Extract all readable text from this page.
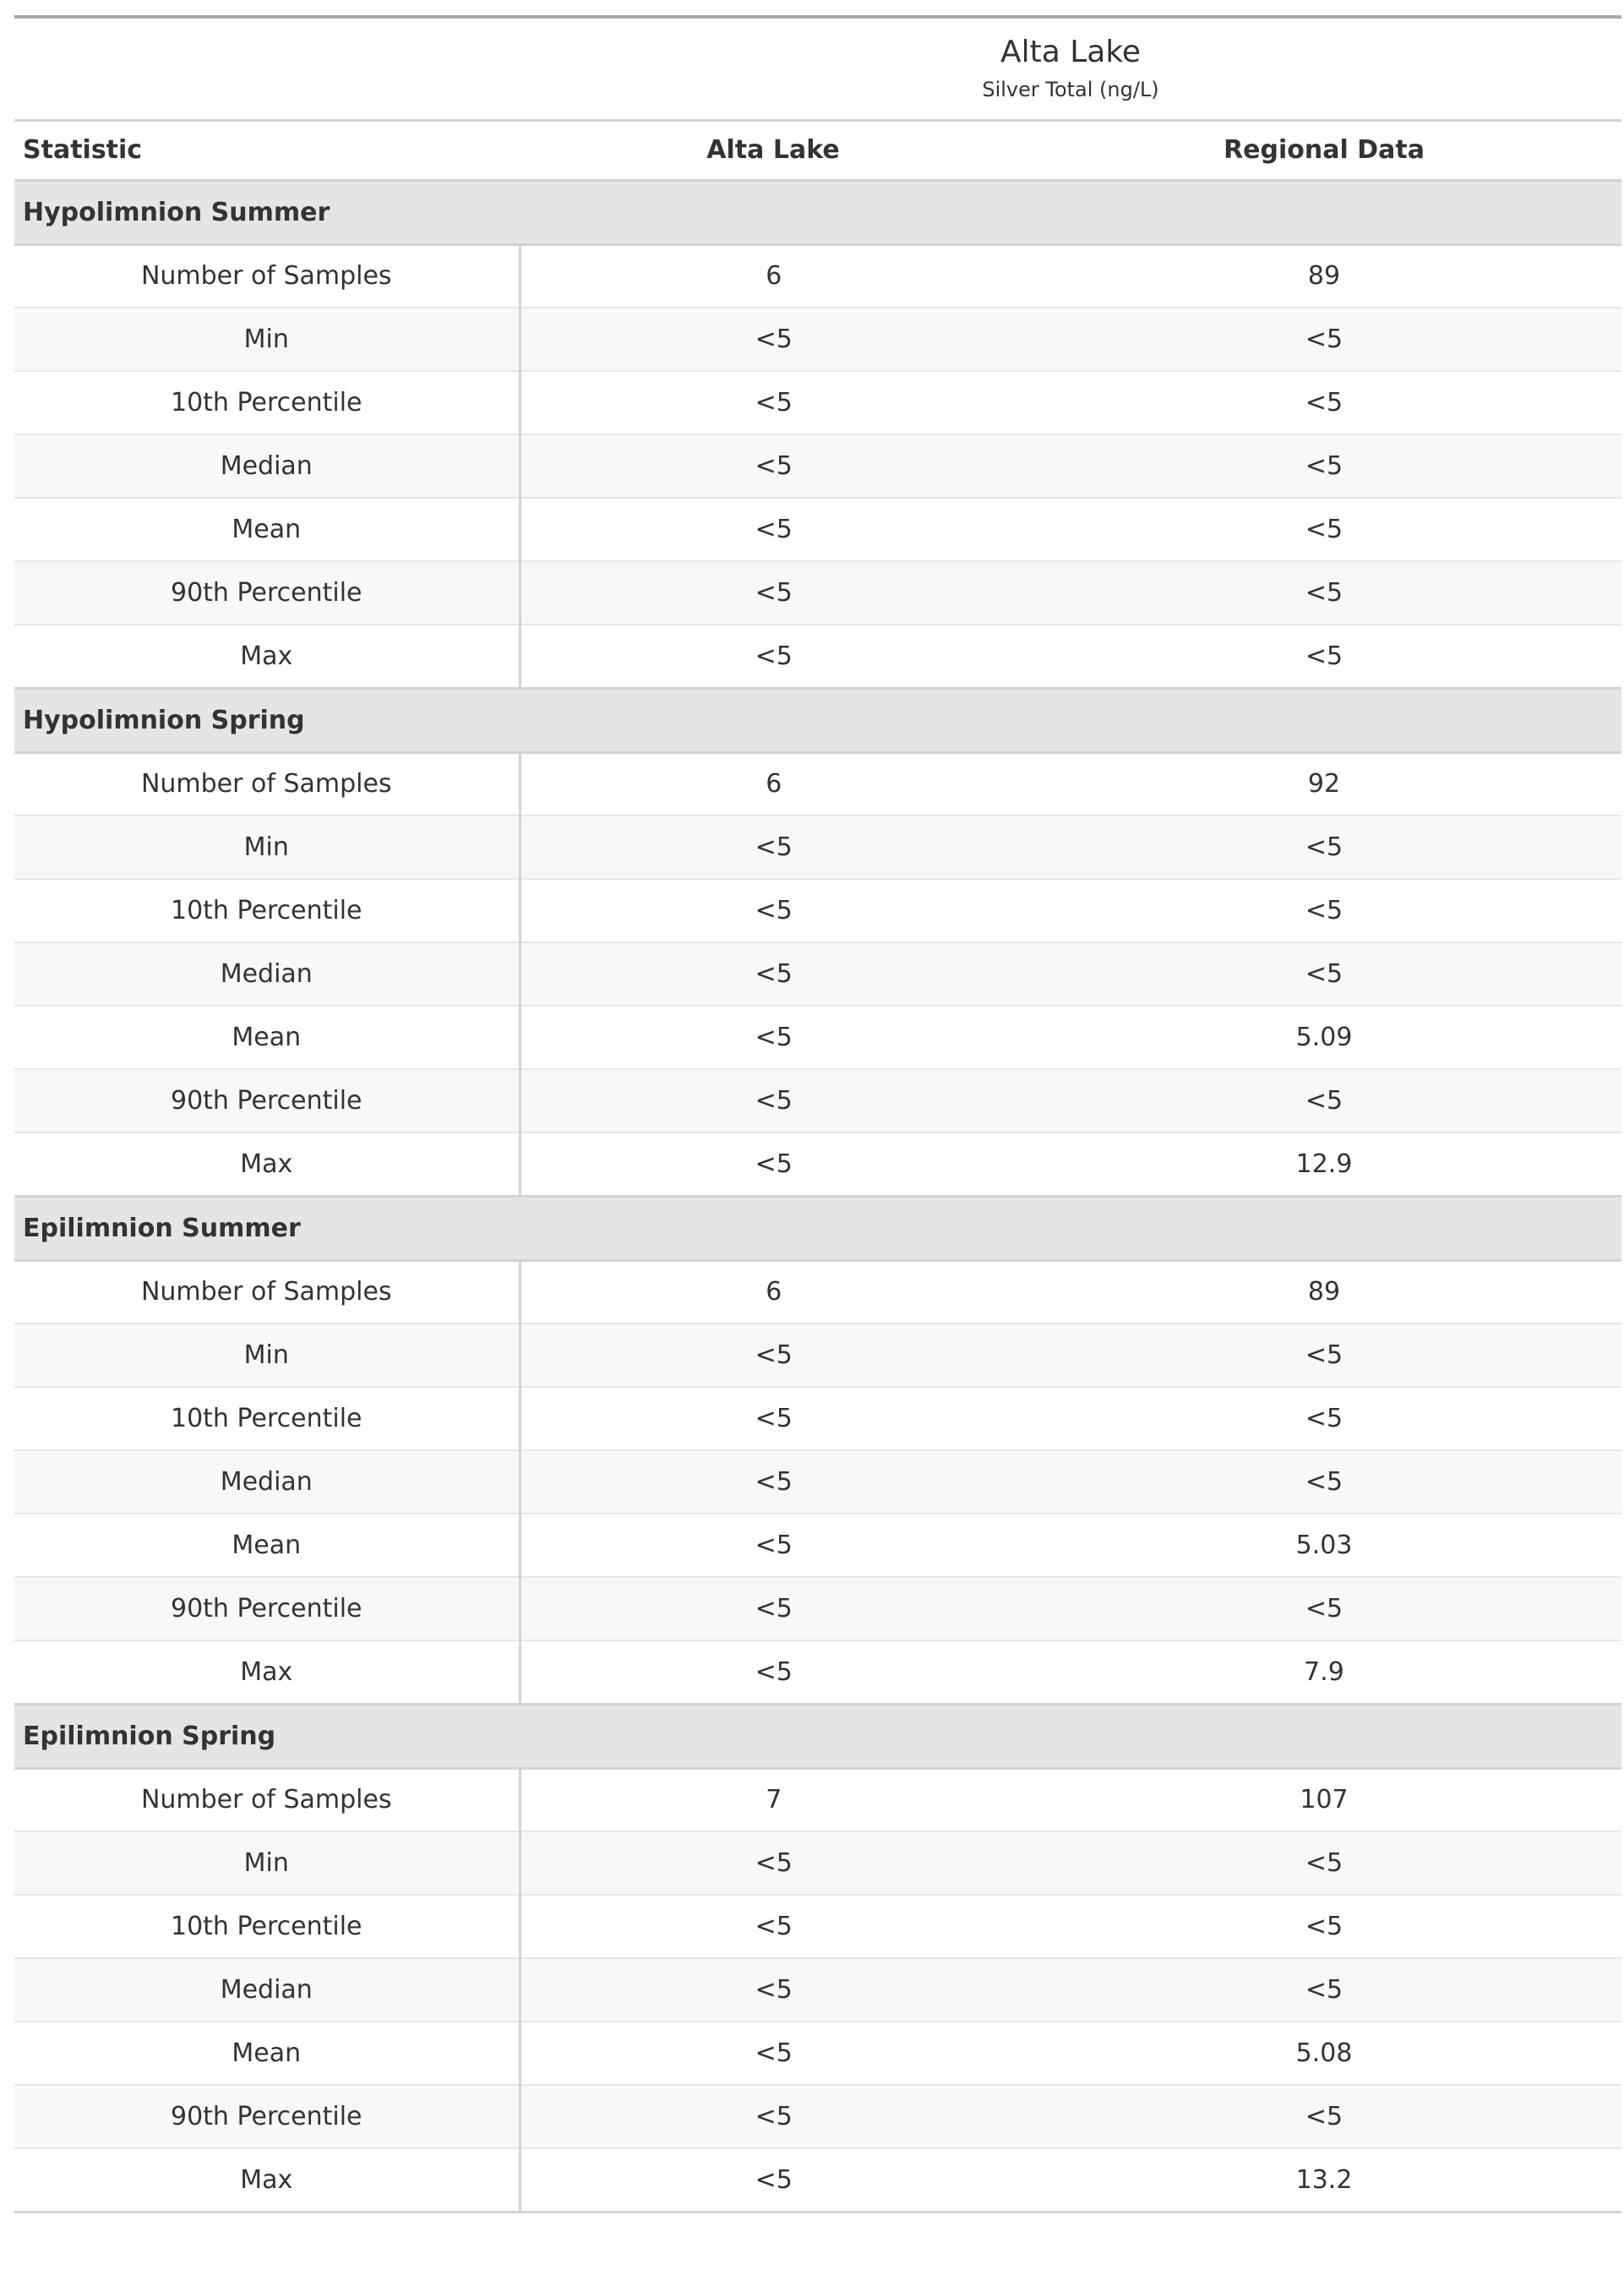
	Alta Lake	
	Silver Total (ng/L)	
Statistic	Alta Lake	Regional Data
Hypolimnion Summer		
Number of Samples	6	89
Min	<5	<5
10th Percentile	<5	<5
Median	<5	<5
Mean	<5	<5
90th Percentile	<5	<5
Max	<5	<5
Hypolimnion Spring		
Number of Samples	6	92
Min	<5	<5
10th Percentile	<5	<5
Median	<5	<5
Mean	<5	5.09
90th Percentile	<5	<5
Max	<5	12.9
Epilimnion Summer		
Number of Samples	6	89
Min	<5	<5
10th Percentile	<5	<5
Median	<5	<5
Mean	<5	5.03
90th Percentile	<5	<5
Max	<5	7.9
Epilimnion Spring		
Number of Samples	7	107
Min	<5	<5
10th Percentile	<5	<5
Median	<5	<5
Mean	<5	5.08
90th Percentile	<5	<5
Max	<5	13.2
